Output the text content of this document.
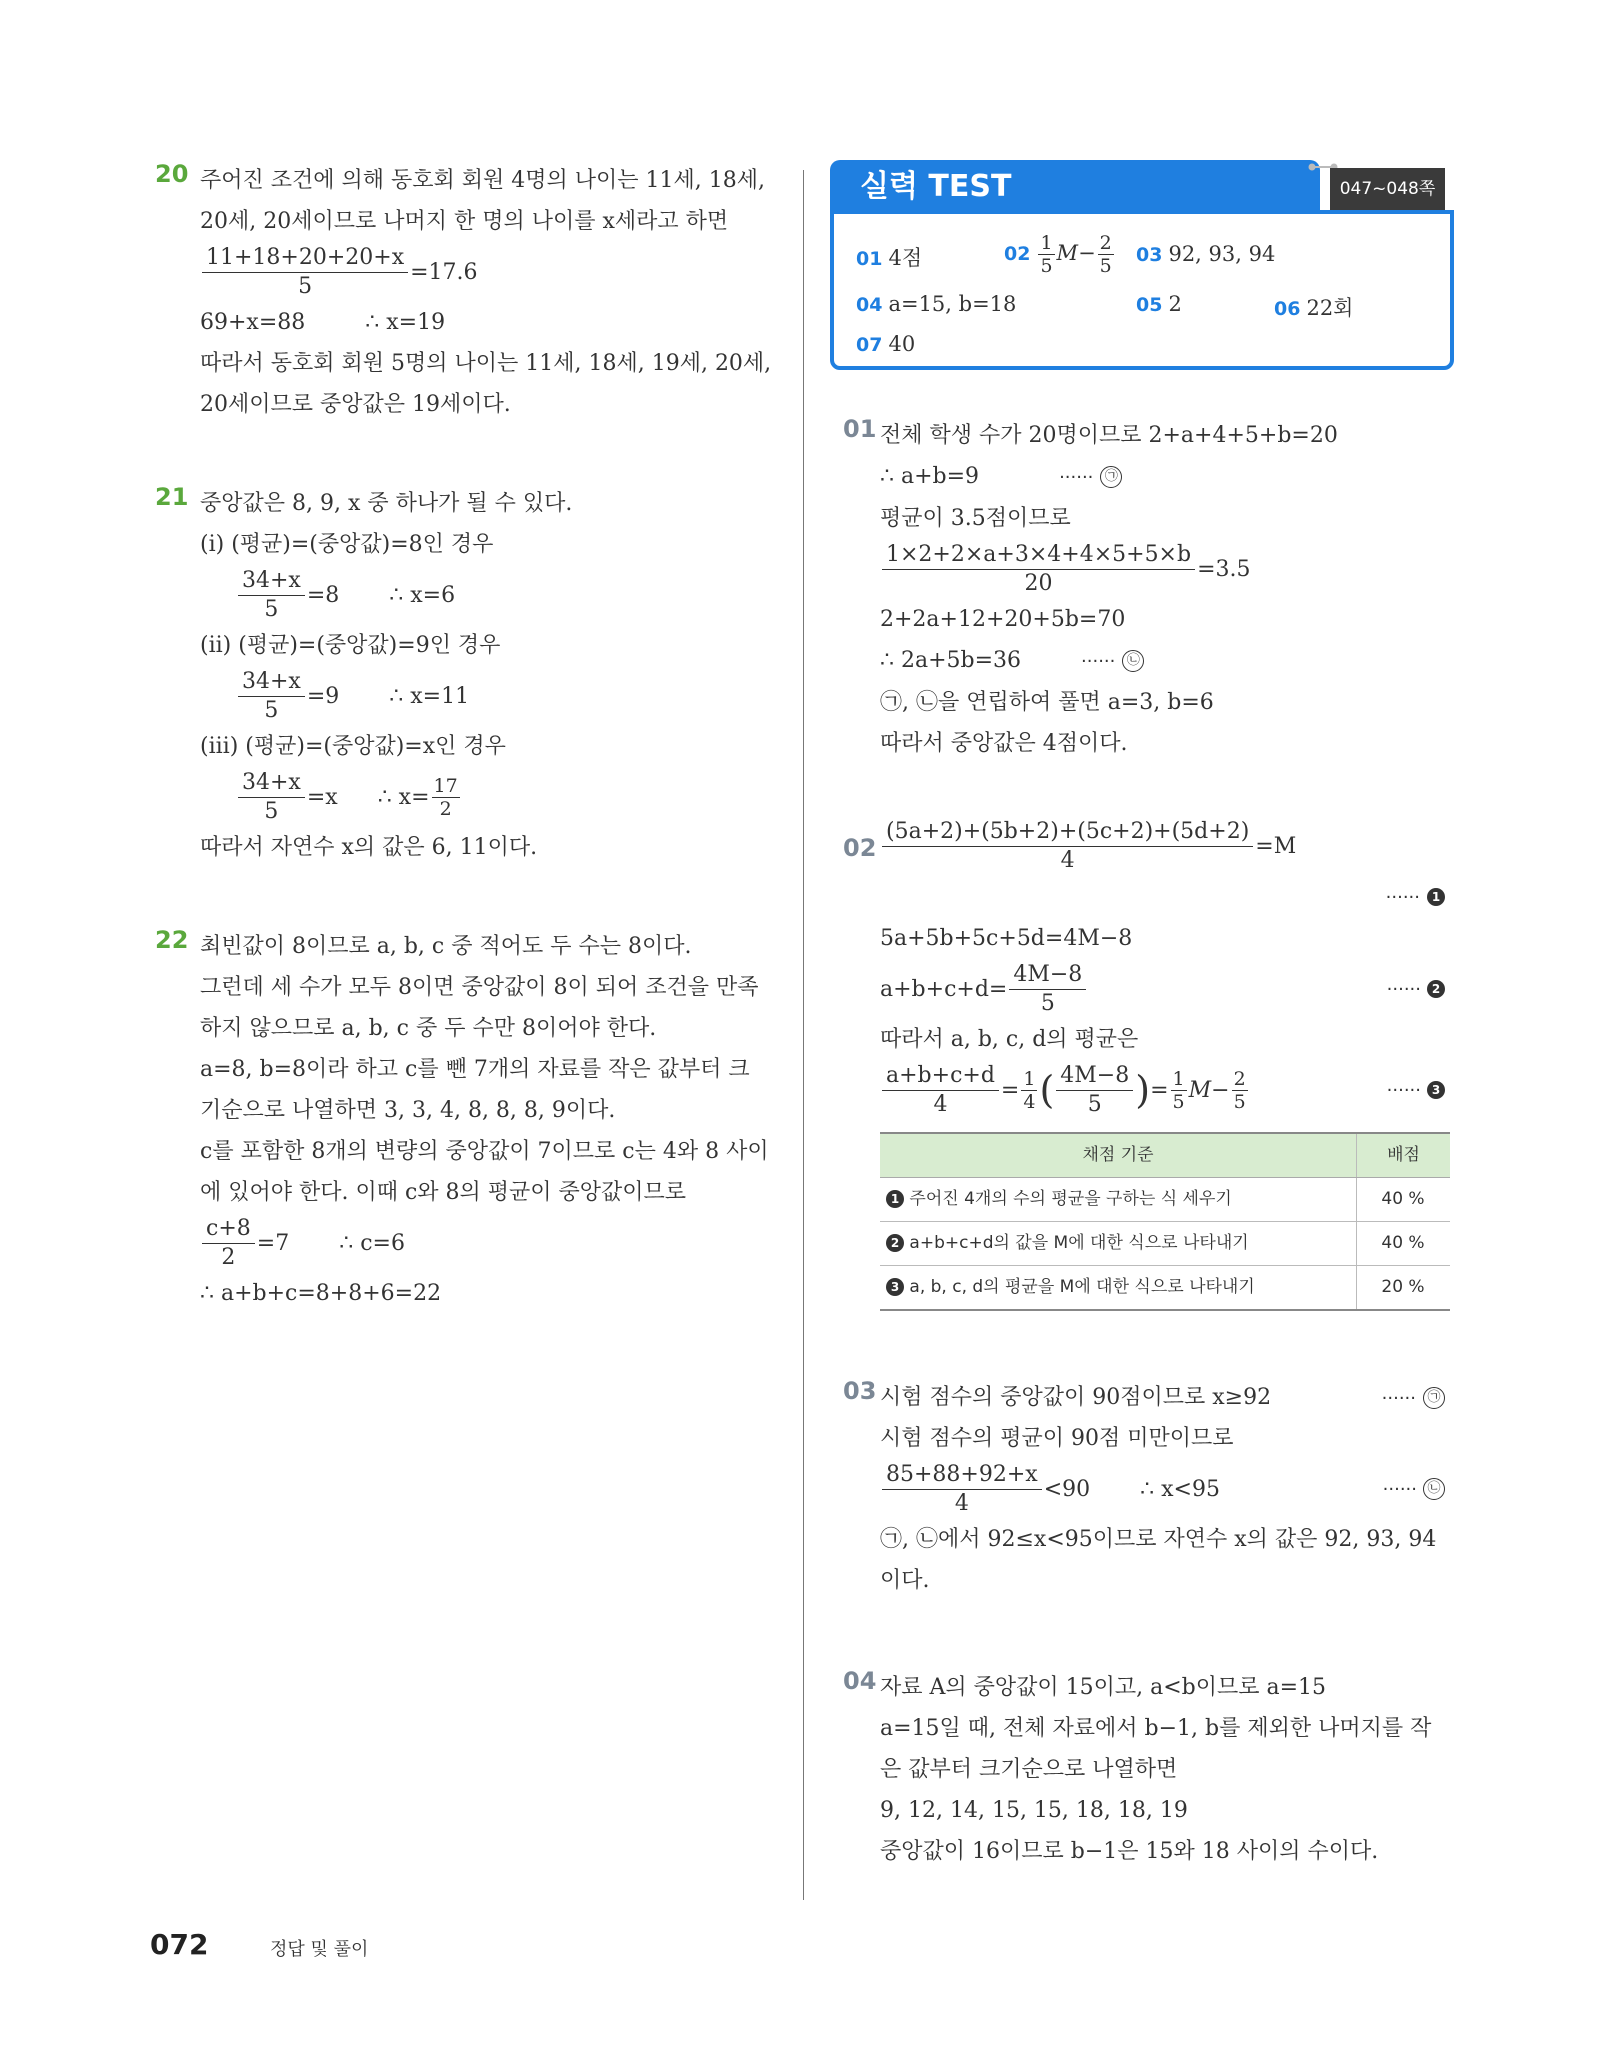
20 주어진 조건에 의해 동호회 회원 4명의 나이는 11세, 18세,
20세, 20세이므로 나머지 한 명의 나이를 x세라고 하면
$\frac{11+18+20+20+x}{5} =17.6$
69+x=88	∴ x=19
따라서 동호회 회원 5명의 나이는 11세, 18세, 19세, 20세,
20세이므로 중앙값은 19세이다.
21 중앙값은 8, 9, x 중 하나가 될 수 있다.
(ⅰ) (평균)=(중앙값)=8인 경우
$\frac{34+x}{5} =8$ ∴ x=6
(ⅱ) (평균)=(중앙값)=9인 경우
$\frac{34+x}{5} =9$ ∴ x=11
(ⅲ) (평균)=(중앙값)=x인 경우
$\frac{34+x}{5} =x$ ∴ $x= \frac{17}{2}$
따라서 자연수 x의 값은 6, 11이다.
22 최빈값이 8이므로 a, b, c 중 적어도 두 수는 8이다.
그런데 세 수가 모두 8이면 중앙값이 8이 되어 조건을 만족
하지 않으므로 a, b, c 중 두 수만 8이어야 한다.
a=8, b=8이라 하고 c를 뺀 7개의 자료를 작은 값부터 크
기순으로 나열하면 3, 3, 4, 8, 8, 8, 9이다.
c를 포함한 8개의 변량의 중앙값이 7이므로 c는 4와 8 사이
에 있어야 한다. 이때 c와 8의 평균이 중앙값이므로
$\frac{c+8}{2} =7$ ∴ c=6
∴ a+b+c=8+8+6=22
01 4점	$02 \frac{1}{5} M- \frac{2}{5} 03$ 92, 93, 94
04 a=15, b=18	05 2	06 22회
07 40
실력 TEST	047~048쪽
01 전체 학생 수가 20명이므로 2+a+4+5+b=20
∴ a+b=9	······ ㉠
평균이 3.5점이므로
$\frac{1\times 2+2\times a+3\times 4+4\times 5+5\times b}{20} =3.5$
2+2a+12+20+5b=70
∴ 2a+5b=36	······ ㉡
㉠, ㉡을 연립하여 풀면 a=3, b=6
따라서 중앙값은 4점이다.
$02 \frac{(5a+2)+(5b+2)+(5c+2)+(5d+2)}{4} =M$
······ 1
5a+5b+5c+5d=4M−8
$a+b+c+d= \frac{4M-8}{5}$	······ 2
따라서 a, b, c, d의 평균은
$\frac{a+b+c+d}{4} = \frac{1}{4}$ ( $\frac{4M-8}{5}$ ) = $\frac{1}{5}$ $M - \frac{2}{5}$	······ 3
채점 기준	배점
1 주어진 4개의 수의 평균을 구하는 식 세우기	40 %
2 a+b+c+d의 값을 M에 대한 식으로 나타내기	40 %
3 a, b, c, d의 평균을 M에 대한 식으로 나타내기	20 %
03 시험 점수의 중앙값이 90점이므로 x≥92	······ ㉠
시험 점수의 평균이 90점 미만이므로
$\frac{85+88+92+x}{4} <90$ ∴ x<95	······ ㉡
㉠, ㉡에서 92≤x<95이므로 자연수 x의 값은 92, 93, 94
이다.
04 자료 A의 중앙값이 15이고, a<b이므로 a=15
a=15일 때, 전체 자료에서 b−1, b를 제외한 나머지를 작
은 값부터 크기순으로 나열하면
9, 12, 14, 15, 15, 18, 18, 19
중앙값이 16이므로 b−1은 15와 18 사이의 수이다.
072	정답 및 풀이
